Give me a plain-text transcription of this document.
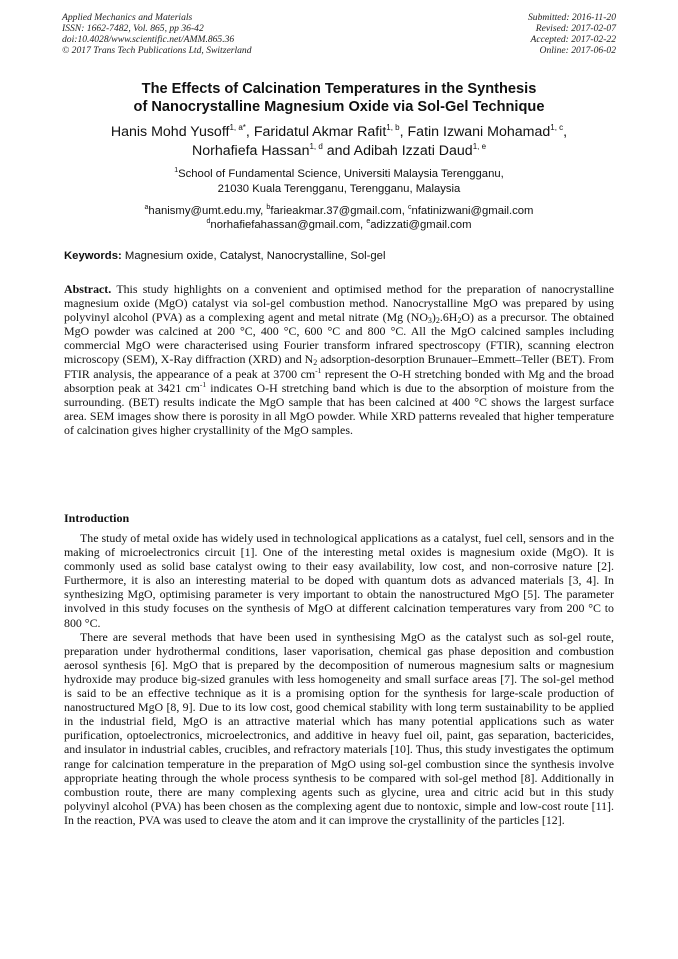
Applied Mechanics and Materials
ISSN: 1662-7482, Vol. 865, pp 36-42
doi:10.4028/www.scientific.net/AMM.865.36
© 2017 Trans Tech Publications Ltd, Switzerland
Submitted: 2016-11-20
Revised: 2017-02-07
Accepted: 2017-02-22
Online: 2017-06-02
The Effects of Calcination Temperatures in the Synthesis
of Nanocrystalline Magnesium Oxide via Sol-Gel Technique
Hanis Mohd Yusoff$^{1, a*}$, Faridatul Akmar Rafit$^{1, b}$, Fatin Izwani Mohamad$^{1, c}$,
Norhafiefa Hassan$^{1, d}$ and Adibah Izzati Daud$^{1, e}$
$^1$School of Fundamental Science, Universiti Malaysia Terengganu,
21030 Kuala Terengganu, Terengganu, Malaysia
$^a$hanismy@umt.edu.my, $^b$farieakmar.37@gmail.com, $^c$nfatinizwani@gmail.com
$^d$norhafiefahassan@gmail.com, $^e$adizzati@gmail.com
Keywords: Magnesium oxide, Catalyst, Nanocrystalline, Sol-gel
Abstract. This study highlights on a convenient and optimised method for the preparation of nanocrystalline magnesium oxide (MgO) catalyst via sol-gel combustion method. Nanocrystalline MgO was prepared by using polyvinyl alcohol (PVA) as a complexing agent and metal nitrate (Mg $(NO_3)_2.6H_2O$) as a precursor. The obtained MgO powder was calcined at 200 °C, 400 °C, 600 °C and 800 °C. All the MgO calcined samples including commercial MgO were characterised using Fourier transform infrared spectroscopy (FTIR), scanning electron microscopy (SEM), X-Ray diffraction (XRD) and $N_2$ adsorption-desorption Brunauer–Emmett–Teller (BET). From FTIR analysis, the appearance of a peak at 3700 $cm^{-1}$ represent the O-H stretching bonded with Mg and the broad absorption peak at 3421 $cm^{-1}$ indicates O-H stretching band which is due to the absorption of moisture from the surrounding. (BET) results indicate the MgO sample that has been calcined at 400 °C shows the largest surface area. SEM images show there is porosity in all MgO powder. While XRD patterns revealed that higher temperature of calcination gives higher crystallinity of the MgO samples.
Introduction

The study of metal oxide has widely used in technological applications as a catalyst, fuel cell, sensors and in the making of microelectronics circuit [1]. One of the interesting metal oxides is magnesium oxide (MgO). It is commonly used as solid base catalyst owing to their easy availability, low cost, and non-corrosive nature [2]. Furthermore, it is also an interesting material to be doped with quantum dots as advanced materials [3, 4]. In synthesizing MgO, optimising parameter is very important to obtain the nanostructured MgO [5]. The parameter involved in this study focuses on the synthesis of MgO at different calcination temperatures vary from 200 °C to 800 °C.

There are several methods that have been used in synthesising MgO as the catalyst such as sol-gel route, preparation under hydrothermal conditions, laser vaporisation, chemical gas phase deposition and combustion aerosol synthesis [6]. MgO that is prepared by the decomposition of numerous magnesium salts or magnesium hydroxide may produce big-sized granules with less homogeneity and small surface areas [7]. The sol-gel method is said to be an effective technique as it is a promising option for the synthesis for large-scale production of nanostructured MgO [8, 9]. Due to its low cost, good chemical stability with long term sustainability to be applied in the industrial field, MgO is an attractive material which has many potential applications such as water purification, optoelectronics, microelectronics, and additive in heavy fuel oil, paint, gas separation, bactericides, and insulator in industrial cables, crucibles, and refractory materials [10]. Thus, this study investigates the optimum range for calcination temperature in the preparation of MgO using sol-gel combustion since the synthesis involve appropriate heating through the whole process synthesis to be compared with sol-gel method [8]. Additionally in combustion route, there are many complexing agents such as glycine, urea and citric acid but in this study polyvinyl alcohol (PVA) has been chosen as the complexing agent due to nontoxic, simple and low-cost route [11]. In the reaction, PVA was used to cleave the atom and it can improve the crystallinity of the particles [12].
